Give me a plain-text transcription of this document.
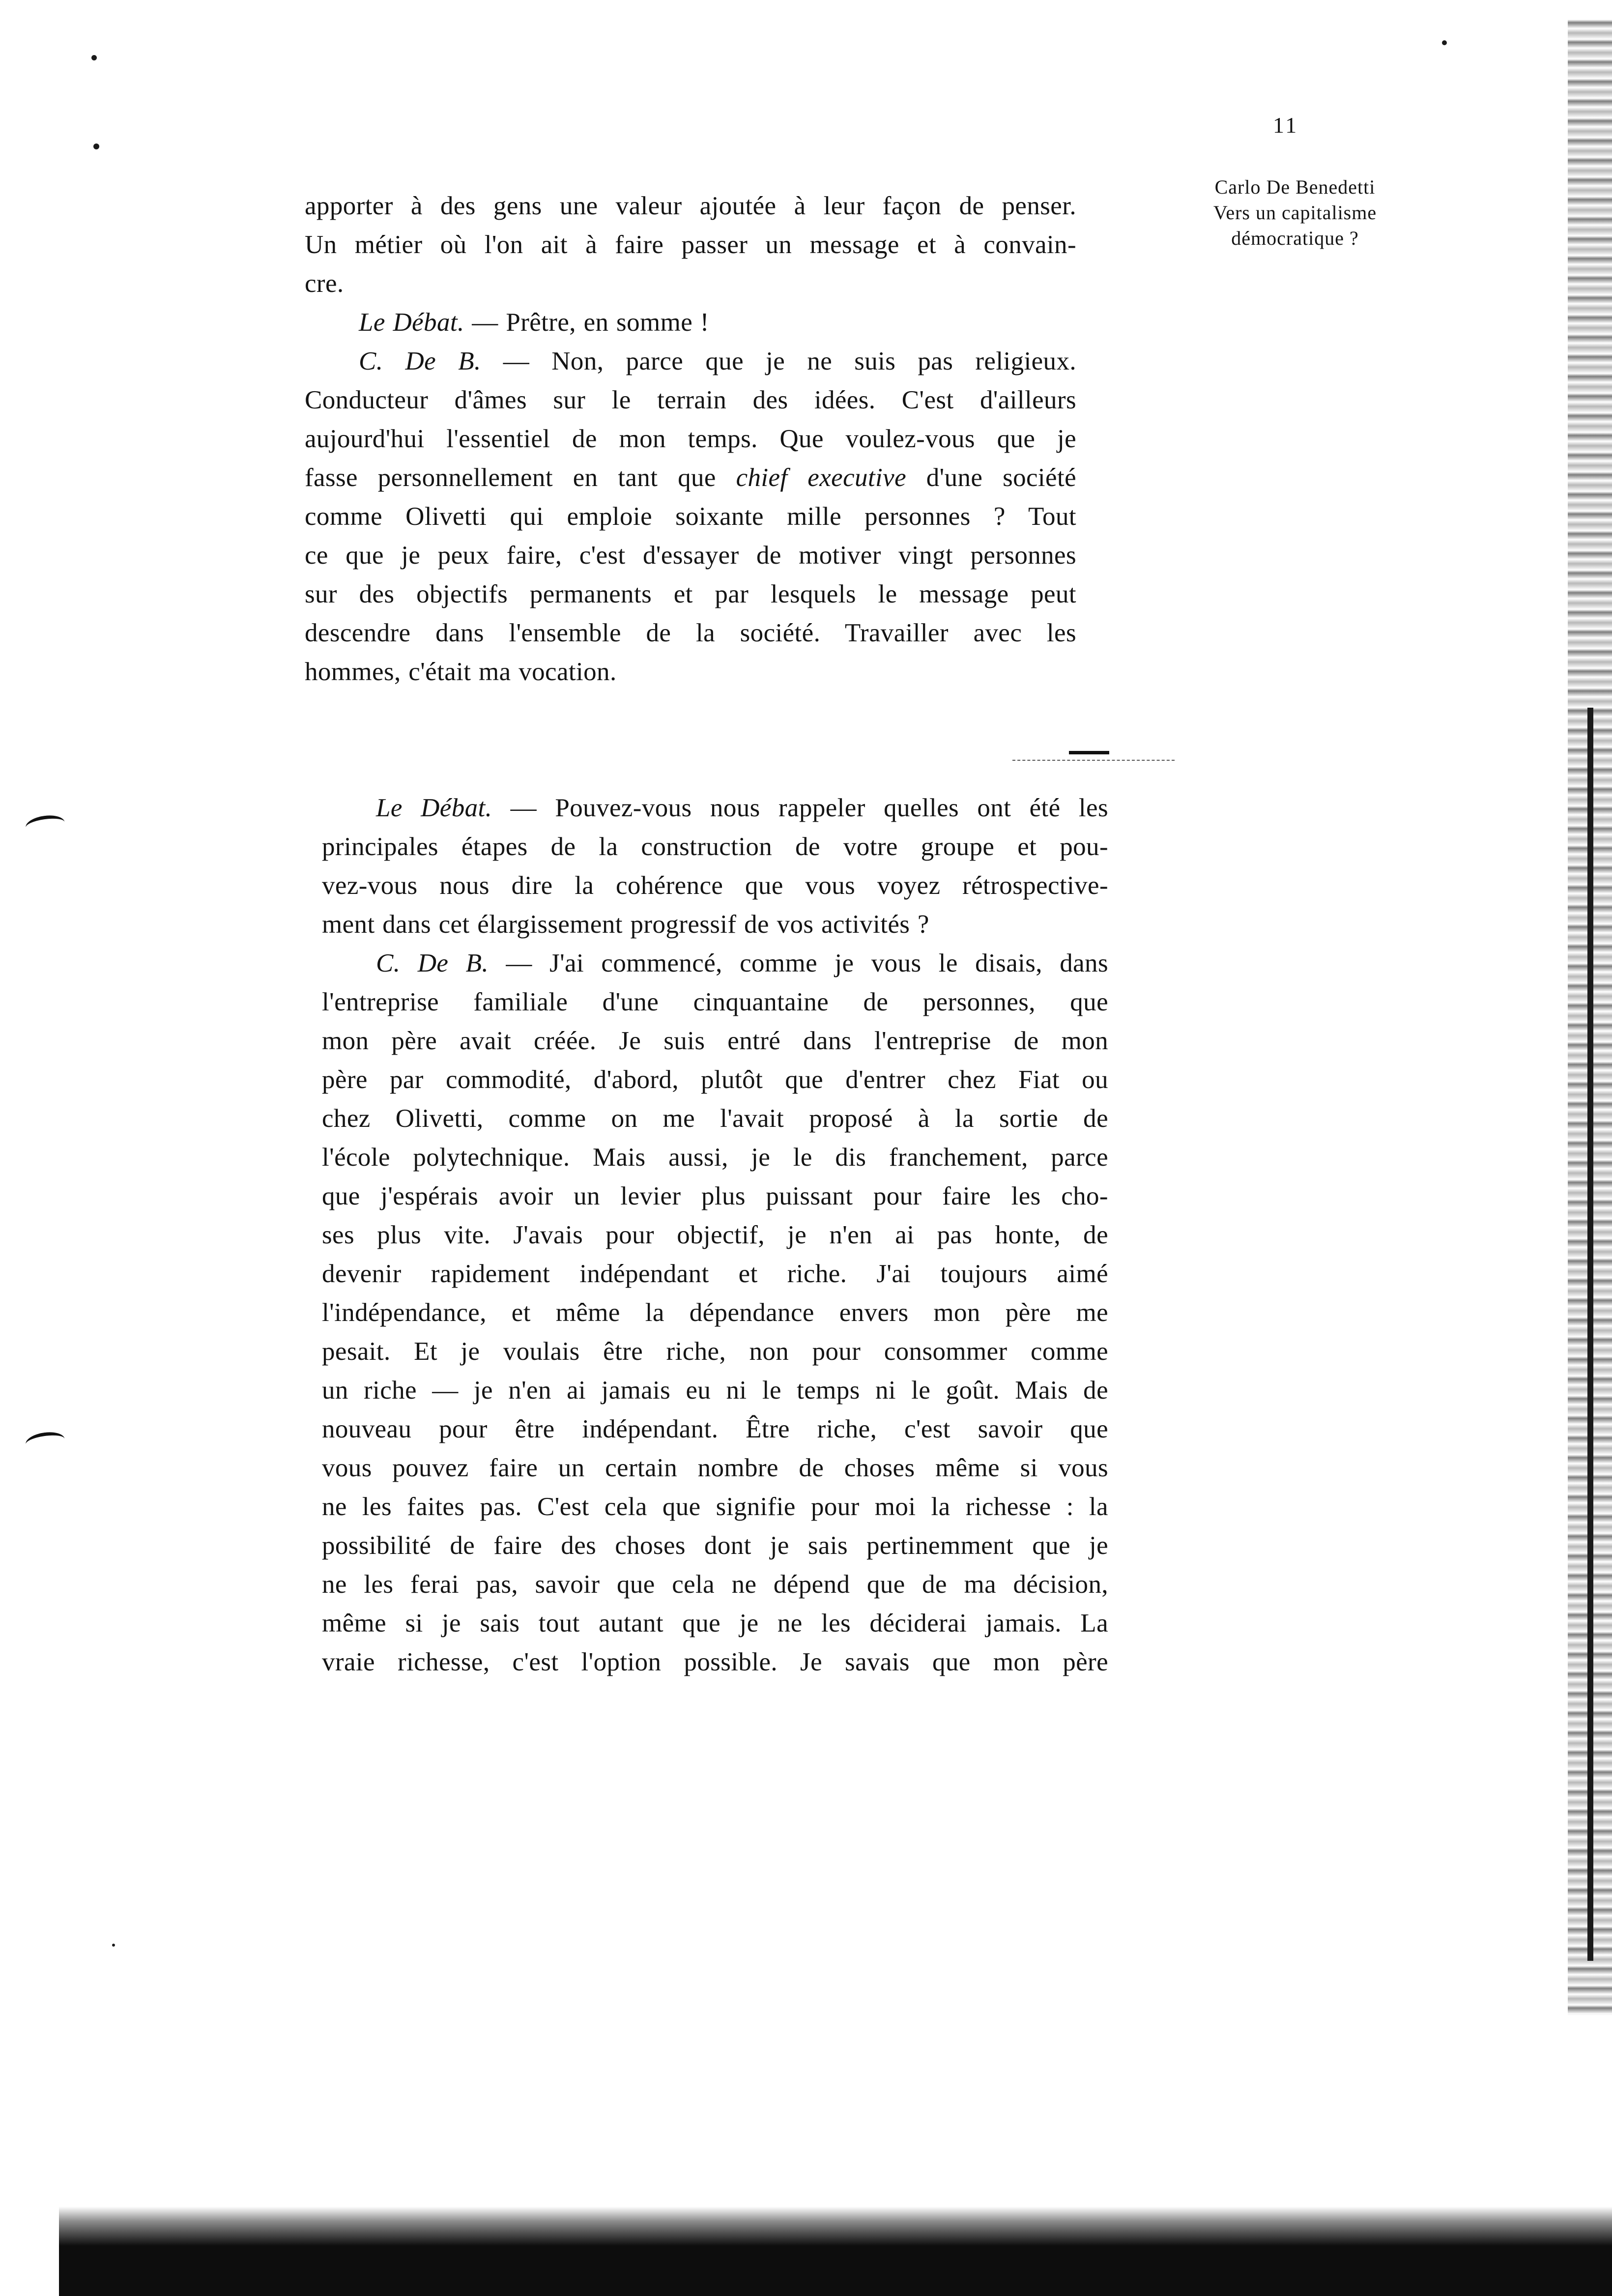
11
Carlo De Benedetti
Vers un capitalisme
démocratique ?
apporter à des gens une valeur ajoutée à leur façon de penser.
Un métier où l'on ait à faire passer un message et à convain-
cre.
Le Débat. — Prêtre, en somme !
C. De B. — Non, parce que je ne suis pas religieux.
Conducteur d'âmes sur le terrain des idées. C'est d'ailleurs
aujourd'hui l'essentiel de mon temps. Que voulez-vous que je
fasse personnellement en tant que chief executive d'une société
comme Olivetti qui emploie soixante mille personnes ? Tout
ce que je peux faire, c'est d'essayer de motiver vingt personnes
sur des objectifs permanents et par lesquels le message peut
descendre dans l'ensemble de la société. Travailler avec les
hommes, c'était ma vocation.
Le Débat. — Pouvez-vous nous rappeler quelles ont été les
principales étapes de la construction de votre groupe et pou-
vez-vous nous dire la cohérence que vous voyez rétrospective-
ment dans cet élargissement progressif de vos activités ?
C. De B. — J'ai commencé, comme je vous le disais, dans
l'entreprise familiale d'une cinquantaine de personnes, que
mon père avait créée. Je suis entré dans l'entreprise de mon
père par commodité, d'abord, plutôt que d'entrer chez Fiat ou
chez Olivetti, comme on me l'avait proposé à la sortie de
l'école polytechnique. Mais aussi, je le dis franchement, parce
que j'espérais avoir un levier plus puissant pour faire les cho-
ses plus vite. J'avais pour objectif, je n'en ai pas honte, de
devenir rapidement indépendant et riche. J'ai toujours aimé
l'indépendance, et même la dépendance envers mon père me
pesait. Et je voulais être riche, non pour consommer comme
un riche — je n'en ai jamais eu ni le temps ni le goût. Mais de
nouveau pour être indépendant. Être riche, c'est savoir que
vous pouvez faire un certain nombre de choses même si vous
ne les faites pas. C'est cela que signifie pour moi la richesse : la
possibilité de faire des choses dont je sais pertinemment que je
ne les ferai pas, savoir que cela ne dépend que de ma décision,
même si je sais tout autant que je ne les déciderai jamais. La
vraie richesse, c'est l'option possible. Je savais que mon père
